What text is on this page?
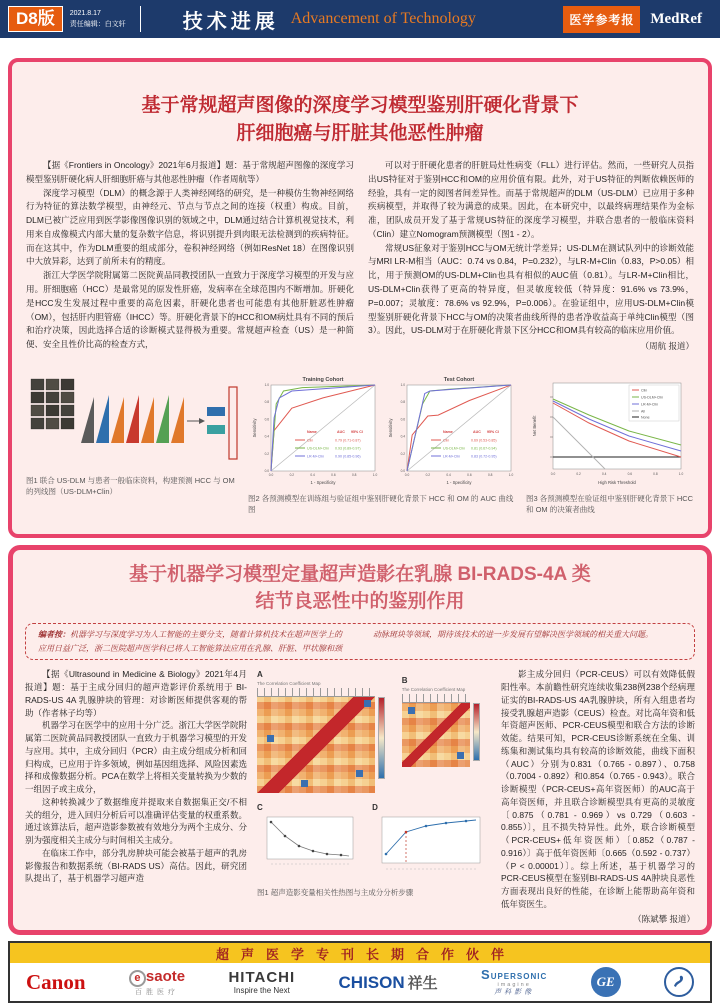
D8版	2021.8.17
责任编辑：白文轩	技术进展 Advancement of Technology	医学参考报	MedRef
基于常规超声图像的深度学习模型鉴别肝硬化背景下
肝细胞癌与肝脏其他恶性肿瘤

【据《Frontiers in Oncology》2021年6月报道】题：基于常规超声图像的深度学习模型鉴别肝硬化病人肝细胞肝癌与其他恶性肿瘤（作者周航等）

深度学习模型（DLM）的概念源于人类神经网络的研究，是一种模仿生物神经网络行为特征的算法数学模型，由神经元、节点与节点之间的连接（权重）构成。目前，DLM已被广泛应用到医学影像图像识别的领域之中，DLM通过结合计算机视觉技术，利用来自成像模式内部大量的复杂数字信息，将识别提升到肉眼无法检测到的疾病特征。而在这其中，作为DLM重要的组成部分，卷积神经网络（例如ResNet 18）在图像识别中大放异彩，达到了前所未有的精度。

浙江大学医学院附属第二医院黄品同教授团队一直致力于深度学习模型的开发与应用。肝细胞癌（HCC）是最常见的原发性肝癌，发病率在全球范围内不断增加。肝硬化是HCC发生发展过程中重要的高危因素，肝硬化患者也可能患有其他肝脏恶性肿瘤（OM），包括肝内胆管癌（IHCC）等。肝硬化背景下的HCC和OM病灶具有不同的预后和治疗决策，因此选择合适的诊断模式显得极为重要。常规超声检查（US）是一种简便、安全且性价比高的检查方式，

可以对于肝硬化患者的肝脏局灶性病变（FLL）进行评估。然而，一些研究人员指出US特征对于鉴别HCC和OM的应用价值有限。此外，对于US特征的判断依赖医师的经验，具有一定的阅图者间差异性。而基于常规超声的DLM（US-DLM）已应用于多种疾病模型，并取得了较为满意的成果。因此，在本研究中，以最终病理结果作为金标准，团队成员开发了基于常规US特征的深度学习模型，并联合患者的一般临床资料（Clin）建立Nomogram预测模型（图1 - 2）。

常规US征象对于鉴别HCC与OM无统计学差异；US-DLM在测试队列中的诊断效能与MRI LR-M相当（AUC：0.74 vs 0.84，P=0.232），与LR-M+Clin（0.83，P>0.05）相比，用于预测OM的US-DLM+Clin也具有相似的AUC值（0.81）。与LR-M+Clin相比，US-DLM+Clin获得了更高的特异度，但灵敏度较低（特异度：91.6% vs 73.9%，P=0.007；灵敏度：78.6% vs 92.9%，P=0.006）。在验证组中，应用US-DLM+Clin模型鉴别肝硬化背景下HCC与OM的决策者曲线所得的患者净收益高于单纯Clin模型（图3）。因此，US-DLM对于在肝硬化背景下区分HCC和OM具有较高的临床应用价值。

（周航 报道）

图1 联合 US-DLM 与患者一般临床资料，构建预测 HCC 与 OM 的列线图（US-DLM+Clin）
Training Cohort
0.0	0.2	0.4	0.6	0.8	1.0
1 - Specificity
0.0
0.2
0.4
0.6
0.8
1.0
Sensitivity	Name	AUC 95% CI
Clin	0.79 (0.71-0.87)
US-DLM+Clin 0.93 (0.89-0.97)
LR-M+Clin	0.90 (0.85-0.96)
Test Cohort
0.0	0.2	0.4	0.6	0.8	1.0
1 - Specificity
0.0
0.2
0.4
0.6
0.8
1.0
Sensitivity	Name	AUC 95% CI
Clin	0.69 (0.53-0.85)
US-DLM+Clin 0.81 (0.67-0.94)
LR-M+Clin	0.83 (0.72-0.95)
图2 各预测模型在训练组与验证组中鉴别肝硬化背景下 HCC 和 OM 的 AUC 曲线图
Clin
US-DLM+Clin
LR-M+Clin
All
None
0.0	0.2	0.4	0.6	0.8	1.0
High Risk Threshold
Net Benefit
图3 各预测模型在验证组中鉴别肝硬化背景下 HCC 和 OM 的决策者曲线
基于机器学习模型定量超声造影在乳腺 BI-RADS-4A 类
结节良恶性中的鉴别作用
编者按：机器学习与深度学习为人工智能的主要分支，随着计算机技术在超声医学上的应用日益广泛，浙二医院超声医学科已将人工智能算法应用在乳腺、肝脏、甲状腺和颈动脉斑块等领域，期待该技术的进一步发展有望解决医学领域的相关重大问题。

【据《Ultrasound in Medicine & Biology》2021年4月报道】题：基于主成分回归的超声造影评价系统用于 BI-RADS-US 4A 乳腺肿块的管理：对诊断医师提供客观的帮助（作者林子均等）

机器学习在医学中的应用十分广泛。浙江大学医学院附属第二医院黄品同教授团队一直致力于机器学习模型的开发与应用。其中，主成分回归（PCR）由主成分组成分析和回归构成，已应用于许多领域，例如基因组选择、风险因素选择和成像数据分析。PCA在数学上将相关变量转换为少数的一组因子或主成分，

这种转换减少了数据维度并提取来自数据集正交/不相关的组分，进入回归分析后可以准确评估变量的权重系数。通过该算法后，超声造影参数被有效地分为两个主成分、分别为强度相关主成分与时间相关主成分。

在临床工作中，部分乳房肿块可能会被基于超声的乳房影像报告和数据系统（BI-RADS US）高估。因此，研究团队提出了，基于机器学习超声造

A
The Correlation Coefficient Map	B
The Correlation Coefficient Map
C	D
图1 超声造影变量相关性热图与主成分分析步骤

影主成分回归（PCR-CEUS）可以有效降低假阳性率。本前瞻性研究连续收集238例238个经病理证实的BI-RADS-US 4A乳腺肿块，所有入组患者均接受乳腺超声造影（CEUS）检查。对比高年资和低年资超声医师、PCR-CEUS模型和联合方法的诊断效能。结果可知，PCR-CEUS诊断系统在全集、训练集和测试集均具有较高的诊断效能，曲线下面积（AUC）分别为0.831（0.765 - 0.897）、0.758（0.7004 - 0.892）和0.854（0.765 - 0.943）。联合诊断模型（PCR-CEUS+高年资医师）的AUC高于高年资医师，并且联合诊断模型具有更高的灵敏度〔0.875（0.781 - 0.969）vs 0.729（0.603 - 0.855）〕，且不损失特异性。此外，联合诊断模型（PCR-CEUS+低年资医师）〔0.852（0.787 - 0.916）〕高于低年资医师〔0.665（0.592 - 0.737）（P < 0.00001）〕。综上所述，基于机器学习的PCR-CEUS模型在鉴别BI-RADS-US 4A肿块良恶性方面表现出良好的性能，在诊断上能帮助高年资和低年资医生。

（陈斌攀 报道）

超声医学专刊长期合作伙伴
Canon	e saote
百胜医疗
HITACHI
Inspire the Next	CHISON 祥生
SUPERSONIC
imagine
声科影像
GE
